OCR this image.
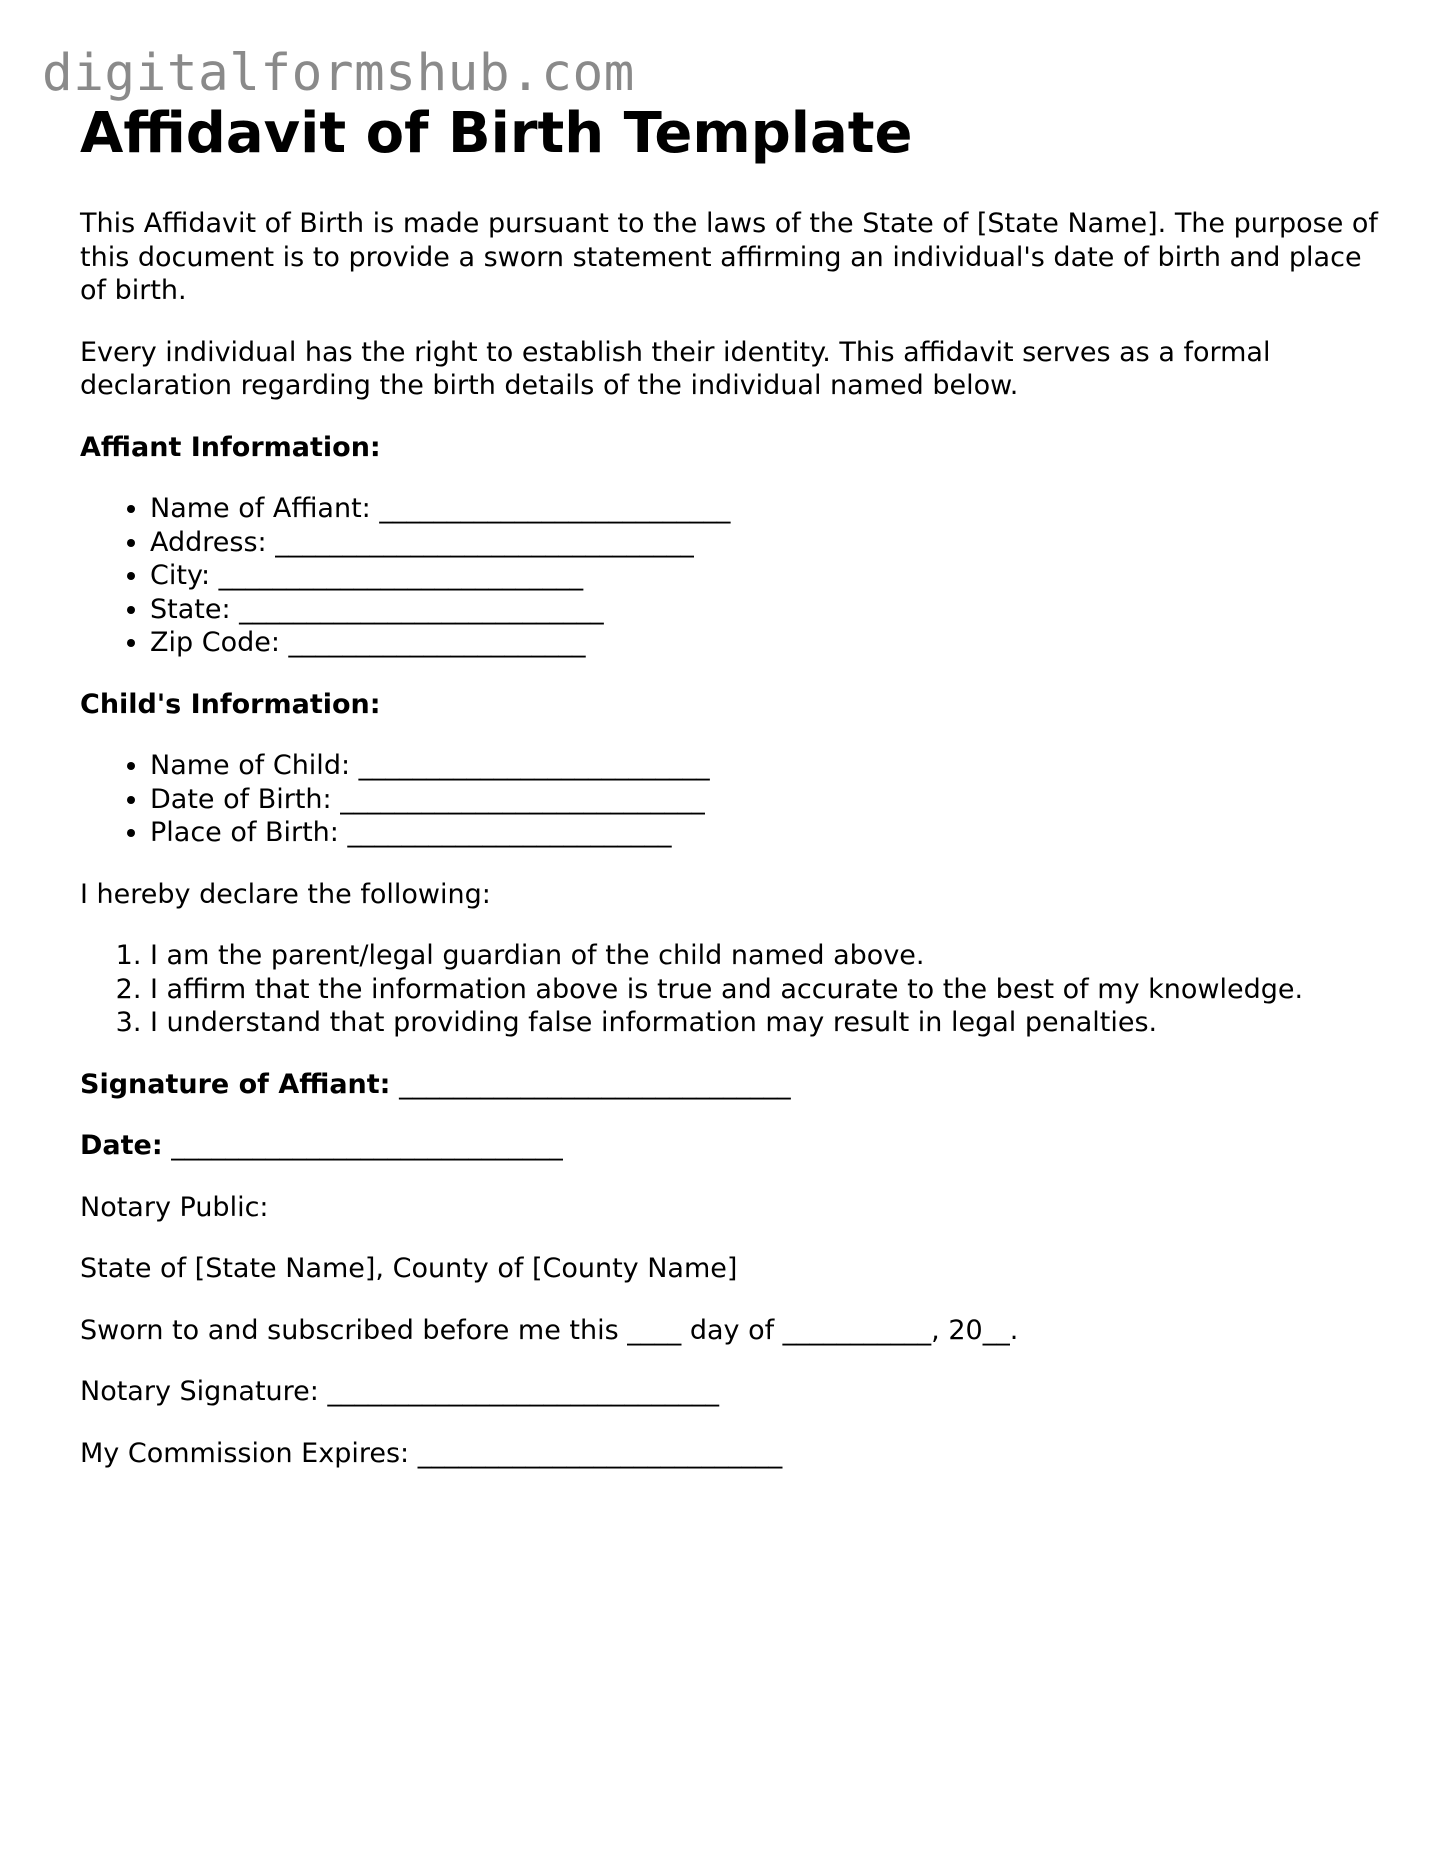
digitalformshub.com
Affidavit of Birth Template

This Affidavit of Birth is made pursuant to the laws of the State of [State Name]. The purpose of this document is to provide a sworn statement affirming an individual's date of birth and place of birth.

Every individual has the right to establish their identity. This affidavit serves as a formal declaration regarding the birth details of the individual named below.

Affiant Information:

• Name of Affiant: __________________________
• Address: _______________________________
• City: ___________________________
• State: ___________________________
• Zip Code: ______________________

Child's Information:

• Name of Child: __________________________
• Date of Birth: ___________________________
• Place of Birth: ________________________

I hereby declare the following:

1. I am the parent/legal guardian of the child named above.
2. I affirm that the information above is true and accurate to the best of my knowledge.
3. I understand that providing false information may result in legal penalties.

Signature of Affiant: _____________________________

Date: _____________________________

Notary Public:

State of [State Name], County of [County Name]

Sworn to and subscribed before me this ____ day of ___________, 20__.

Notary Signature: _____________________________

My Commission Expires: ___________________________
